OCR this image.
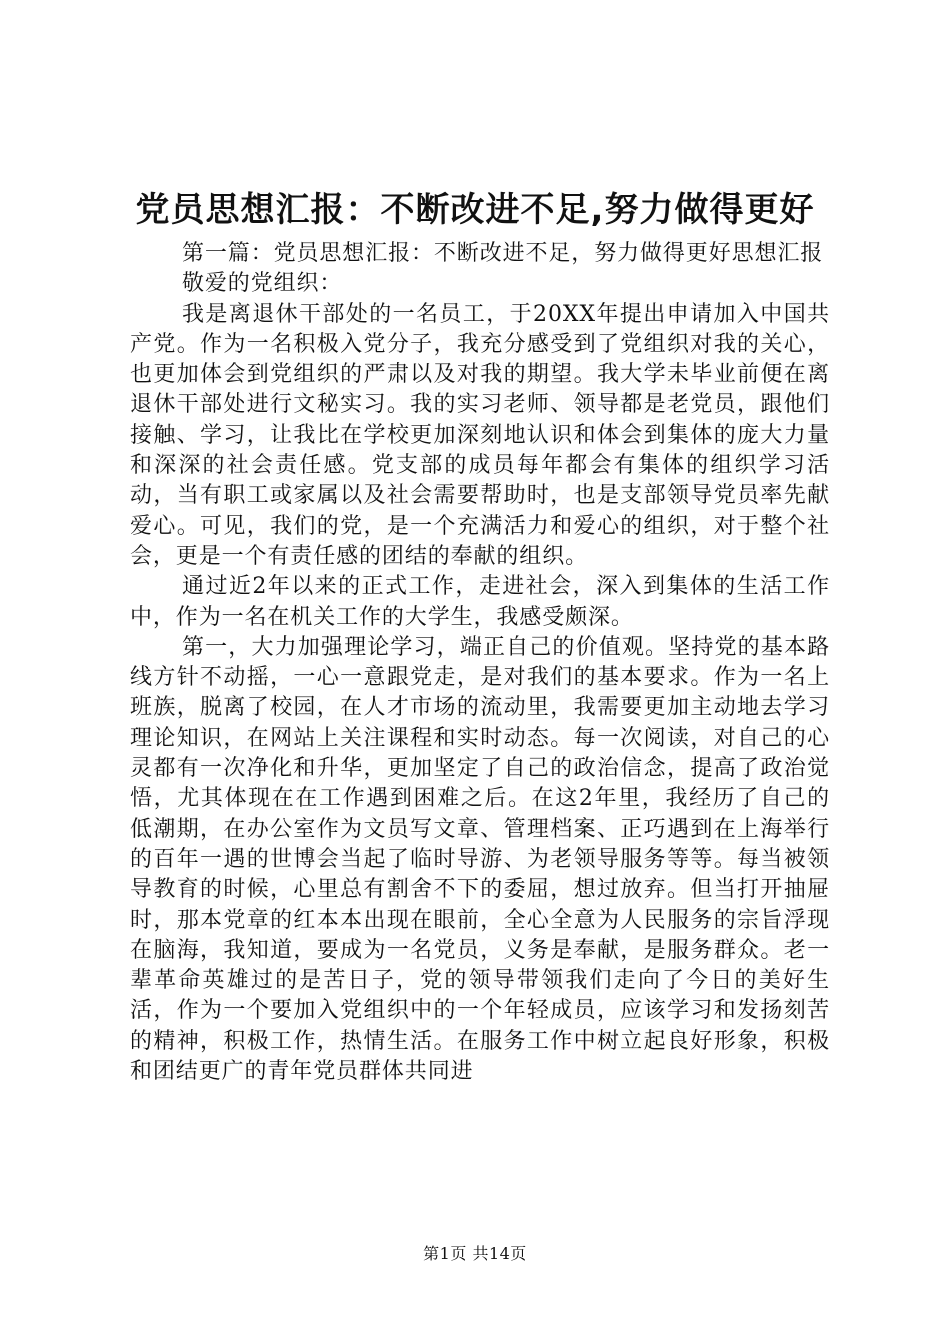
党员思想汇报：不断改进不足,努力做得更好

第一篇：党员思想汇报：不断改进不足，努力做得更好思想汇报

敬爱的党组织：

我是离退休干部处的一名员工，于20XX年提出申请加入中国共产党。作为一名积极入党分子，我充分感受到了党组织对我的关心，也更加体会到党组织的严肃以及对我的期望。我大学未毕业前便在离退休干部处进行文秘实习。我的实习老师、领导都是老党员，跟他们接触、学习，让我比在学校更加深刻地认识和体会到集体的庞大力量和深深的社会责任感。党支部的成员每年都会有集体的组织学习活动，当有职工或家属以及社会需要帮助时，也是支部领导党员率先献爱心。可见，我们的党，是一个充满活力和爱心的组织，对于整个社会，更是一个有责任感的团结的奉献的组织。

通过近2年以来的正式工作，走进社会，深入到集体的生活工作中，作为一名在机关工作的大学生，我感受颇深。

第一，大力加强理论学习，端正自己的价值观。坚持党的基本路线方针不动摇，一心一意跟党走，是对我们的基本要求。作为一名上班族，脱离了校园，在人才市场的流动里，我需要更加主动地去学习理论知识，在网站上关注课程和实时动态。每一次阅读，对自己的心灵都有一次净化和升华，更加坚定了自己的政治信念，提高了政治觉悟，尤其体现在在工作遇到困难之后。在这2年里，我经历了自己的低潮期，在办公室作为文员写文章、管理档案、正巧遇到在上海举行的百年一遇的世博会当起了临时导游、为老领导服务等等。每当被领导教育的时候，心里总有割舍不下的委屈，想过放弃。但当打开抽屉时，那本党章的红本本出现在眼前，全心全意为人民服务的宗旨浮现在脑海，我知道，要成为一名党员，义务是奉献，是服务群众。老一辈革命英雄过的是苦日子，党的领导带领我们走向了今日的美好生活，作为一个要加入党组织中的一个年轻成员，应该学习和发扬刻苦的精神，积极工作，热情生活。在服务工作中树立起良好形象，积极和团结更广的青年党员群体共同进

第1页 共14页
